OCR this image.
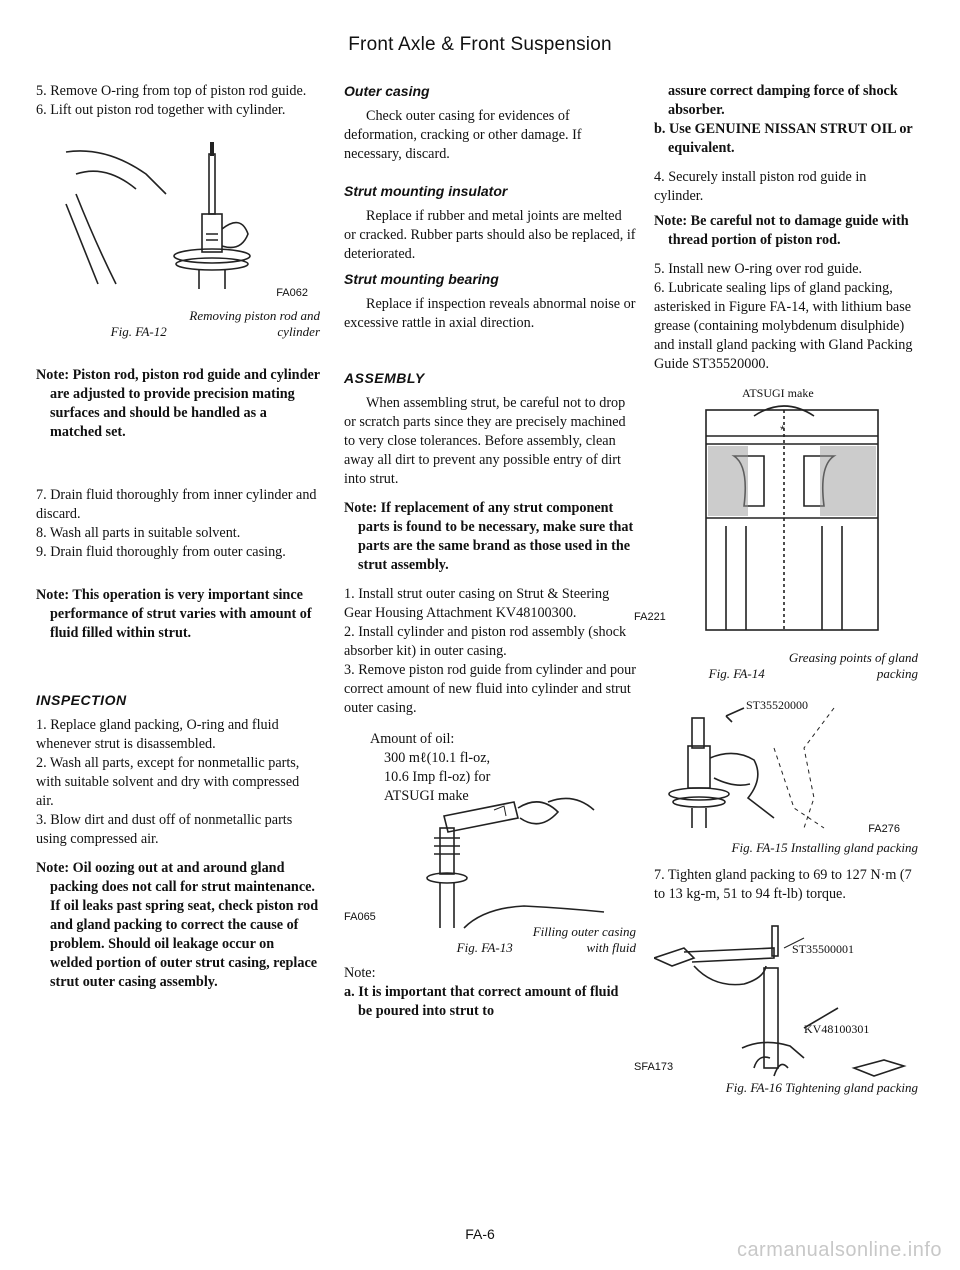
Front Axle & Front Suspension

5. Remove O-ring from top of piston rod guide.

6. Lift out piston rod together with cylinder.

FA062
Fig. FA-12 Removing piston rod and cylinder

Note: Piston rod, piston rod guide and cylinder are adjusted to provide precision mating surfaces and should be handled as a matched set.

7. Drain fluid thoroughly from inner cylinder and discard.

8. Wash all parts in suitable solvent.

9. Drain fluid thoroughly from outer casing.

Note: This operation is very important since performance of strut varies with amount of fluid filled within strut.

INSPECTION

1. Replace gland packing, O-ring and fluid whenever strut is disassembled.

2. Wash all parts, except for nonmetallic parts, with suitable solvent and dry with compressed air.

3. Blow dirt and dust off of nonmetallic parts using compressed air.

Note: Oil oozing out at and around gland packing does not call for strut maintenance. If oil leaks past spring seat, check piston rod and gland packing to correct the cause of problem. Should oil leakage occur on welded portion of outer strut casing, replace strut outer casing assembly.

Outer casing

Check outer casing for evidences of deformation, cracking or other damage. If necessary, discard.

Strut mounting insulator

Replace if rubber and metal joints are melted or cracked. Rubber parts should also be replaced, if deteriorated.

Strut mounting bearing

Replace if inspection reveals abnormal noise or excessive rattle in axial direction.

ASSEMBLY

When assembling strut, be careful not to drop or scratch parts since they are precisely machined to very close tolerances. Before assembly, clean away all dirt to prevent any possible entry of dirt into strut.

Note: If replacement of any strut component parts is found to be necessary, make sure that parts are the same brand as those used in the strut assembly.

1. Install strut outer casing on Strut & Steering Gear Housing Attachment KV48100300.

2. Install cylinder and piston rod assembly (shock absorber kit) in outer casing.

3. Remove piston rod guide from cylinder and pour correct amount of new fluid into cylinder and strut outer casing.

Amount of oil:

300 mℓ(10.1 fl-oz,

10.6 Imp fl-oz) for

ATSUGI make

FA065
Fig. FA-13 Filling outer casing with fluid

Note:

a. It is important that correct amount of fluid be poured into strut to

assure correct damping force of shock absorber.

b. Use GENUINE NISSAN STRUT OIL or equivalent.

4. Securely install piston rod guide in cylinder.

Note: Be careful not to damage guide with thread portion of piston rod.

5. Install new O-ring over rod guide.

6. Lubricate sealing lips of gland packing, asterisked in Figure FA-14, with lithium base grease (containing molybdenum disulphide) and install gland packing with Gland Packing Guide ST35520000.

ATSUGI make
*
FA221
Fig. FA-14 Greasing points of gland packing
ST35520000
FA276
Fig. FA-15 Installing gland packing

7. Tighten gland packing to 69 to 127 N·m (7 to 13 kg-m, 51 to 94 ft-lb) torque.

ST35500001
KV48100301
SFA173
Fig. FA-16 Tightening gland packing
FA-6
carmanualsonline.info
